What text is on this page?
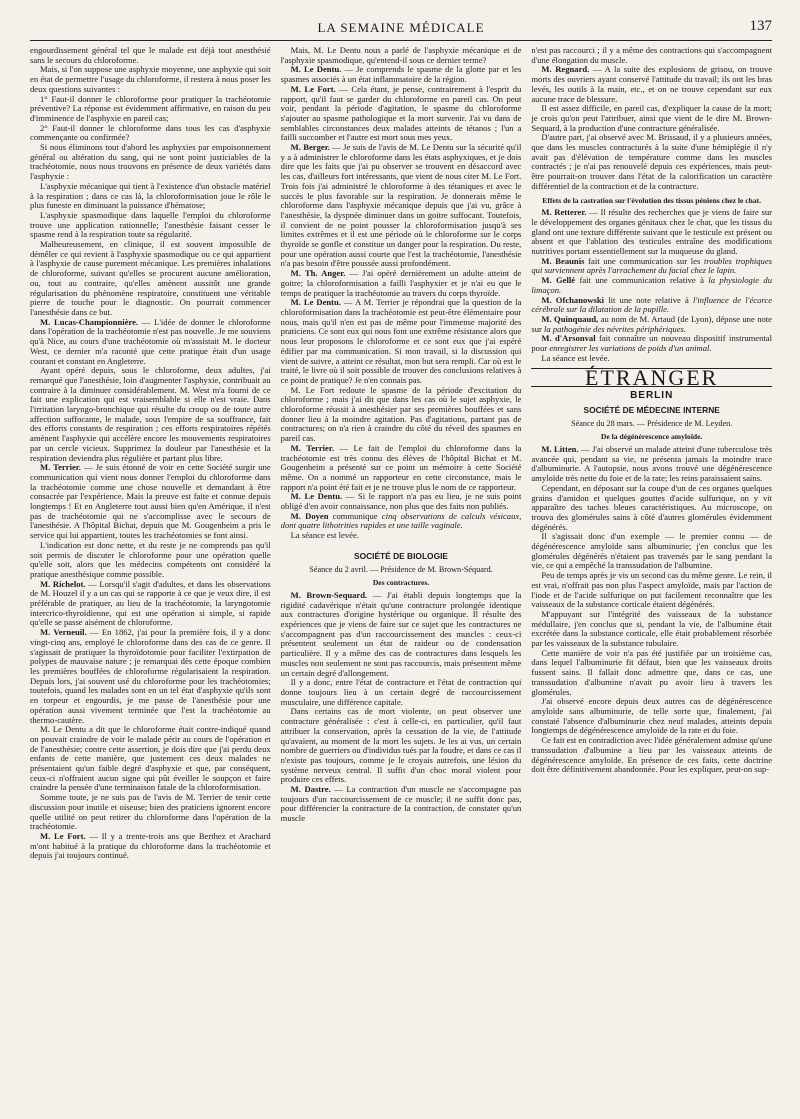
LA SEMAINE MÉDICALE	137

engourdissement général tel que le malade est déjà tout anesthésié sans le secours du chloroforme.

Mais, si l'on suppose une asphyxie moyenne, une asphyxie qui soit en état de permettre l'usage du chloroforme, il restera à nous poser les deux questions suivantes :

1° Faut-il donner le chloroforme pour pratiquer la trachéotomie préventive? La réponse est évidemment affirmative, en raison du peu d'imminence de l'asphyxie en pareil cas;

2° Faut-il donner le chloroforme dans tous les cas d'asphyxie commençante ou confirmée?

Si nous éliminons tout d'abord les asphyxies par empoisonnement général ou altération du sang, qui ne sont point justiciables de la trachéotomie, nous nous trouvons en présence de deux variétés dans l'asphyxie :

L'asphyxie mécanique qui tient à l'existence d'un obstacle matériel à la respiration ; dans ce cas là, la chloroformisation joue le rôle le plus funeste en diminuant la puissance d'hématose;

L'asphyxie spasmodique dans laquelle l'emploi du chloroforme trouve une application rationnelle; l'anesthésie faisant cesser le spasme rend à la respiration toute sa régularité.

Malheureusement, en clinique, il est souvent impossible de démêler ce qui revient à l'asphyxie spasmodique ou ce qui appartient à l'asphyxie de cause purement mécanique. Les premières inhalations de chloroforme, suivant qu'elles se procurent aucune amélioration, ou, tout au contraire, qu'elles amènent aussitôt une grande régularisation du phénomène respiratoire, constituent une véritable pierre de touche pour le diagnostic. On pourrait commencer l'anesthésie dans ce but.

M. Lucas-Championnière. — L'idée de donner le chloroforme dans l'opération de la trachéotomie n'est pas nouvelle. Je me souviens qu'à Nice, au cours d'une trachéotomie où m'assistait M. le docteur West, ce dernier m'a raconté que cette pratique était d'un usage courant et constant en Angleterre.

Ayant opéré depuis, sous le chloroforme, deux adultes, j'ai remarqué que l'anesthésie, loin d'augmenter l'asphyxie, contribuait au contraire à la diminuer considérablement. M. West m'a fourni de ce fait une explication qui est vraisemblable si elle n'est vraie. Dans l'irritation laryngo-bronchique qui résulte du croup ou de toute autre affection suffocante, le malade, sous l'empire de sa souffrance, fait des efforts constants de respiration ; ces efforts respiratoires répétés amènent l'asphyxie qui accélère encore les mouvements respiratoires par un cercle vicieux. Supprimez la douleur par l'anesthésie et la respiration deviendra plus régulière et partant plus libre.

M. Terrier. — Je suis étonné de voir en cette Société surgir une communication qui vient nous donner l'emploi du chloroforme dans la trachéotomie comme une chose nouvelle et demandant à être consacrée par l'expérience. Mais la preuve est faite et connue depuis longtemps ! Et en Angleterre tout aussi bien qu'en Amérique, il n'est pas de trachéotomie qui ne s'accomplisse avec le secours de l'anesthésie. A l'hôpital Bichat, depuis que M. Gougenheim a pris le service qui lui appartient, toutes les trachéotomies se font ainsi.

L'indication est donc nette, et du reste je ne comprends pas qu'il soit permis de discuter le chloroforme pour une opération quelle qu'elle soit, alors que les médecins compétents ont considéré la pratique anesthésique comme possible.

M. Richelot. — Lorsqu'il s'agit d'adultes, et dans les observations de M. Houzel il y a un cas qui se rapporte à ce que je veux dire, il est préférable de pratiquer, au lieu de la trachéotomie, la laryngotomie intercrico-thyroïdienne, qui est une opération si simple, si rapide qu'elle se passe aisément de chloroforme.

M. Verneuil. — En 1862, j'ai pour la première fois, il y a donc vingt-cinq ans, employé le chloroforme dans des cas de ce genre. Il s'agissait de pratiquer la thyroïdotomie pour faciliter l'extirpation de polypes de mauvaise nature ; je remarquai dès cette époque combien les premières bouffées de chloroforme régularisaient la respiration. Depuis lors, j'ai souvent usé du chloroforme pour les trachéotomies; toutefois, quand les malades sont en un tel état d'asphyxie qu'ils sont en torpeur et engourdis, je me passe de l'anesthésie pour une opération aussi vivement terminée que l'est la trachéotomie au thermo-cautère.

M. Le Dentu a dit que le chloroforme était contre-indiqué quand on pouvait craindre de voir le malade périr au cours de l'opération et de l'anesthésie; contre cette assertion, je dois dire que j'ai perdu deux enfants de cette manière, que justement ces deux malades ne présentaient qu'un faible degré d'asphyxie et que, par conséquent, ceux-ci n'offraient aucun signe qui pût éveiller le soupçon et faire craindre la pensée d'une terminaison fatale de la chloroformisation.

Somme toute, je ne suis pas de l'avis de M. Terrier de tenir cette discussion pour inutile et oiseuse; bien des praticiens ignorent encore quelle utilité on peut retirer du chloroforme dans l'opération de la trachéotomie.

M. Le Fort. — Il y a trente-trois ans que Berthez et Arachard m'ont habitué à la pratique du chloroforme dans la trachéotomie et depuis j'ai toujours continué.

Mais, M. Le Dentu nous a parlé de l'asphyxie mécanique et de l'asphyxie spasmodique, qu'entend-il sous ce dernier terme?

M. Le Dentu. — Je comprends le spasme de la glotte par et les spasmes associés à un état inflammatoire de la région.

M. Le Fort. — Cela étant, je pense, contrairement à l'esprit du rapport, qu'il faut se garder du chloroforme en pareil cas. On peut voir, pendant la période d'agitation, le spasme du chloroforme s'ajouter au spasme pathologique et la mort survenir. J'ai vu dans de semblables circonstances deux malades atteints de tétanos ; l'un a failli succomber et l'autre est mort sous mes yeux.

M. Berger. — Je suis de l'avis de M. Le Dentu sur la sécurité qu'il y a à administrer le chloroforme dans les états asphyxiques, et je dois dire que les faits que j'ai pu observer se trouvent en désaccord avec les cas, d'ailleurs fort intéressants, que vient de nous citer M. Le Fort. Trois fois j'ai administré le chloroforme à des tétaniques et avec le succès le plus favorable sur la respiration. Je donnerais même le chloroforme dans l'asphyxie mécanique depuis que j'ai vu, grâce à l'anesthésie, la dyspnée diminuer dans un goitre suffocant. Toutefois, il convient de ne point pousser la chloroformisation jusqu'à ses limites extrêmes et il est une période où le chloroforme sur le corps thyroïde se gonfle et constitue un danger pour la respiration. Du reste, pour une opération aussi courte que l'est la trachéotomie, l'anesthésie n'a pas besoin d'être poussée aussi profondément.

M. Th. Anger. — J'ai opéré dernièrement un adulte atteint de goitre; la chloroformisation a failli l'asphyxier et je n'ai eu que le temps de pratiquer la trachéotomie au travers du corps thyroïde.

M. Le Dentu. — A M. Terrier je répondrai que la question de la chloroformisation dans la trachéotomie est peut-être élémentaire pour nous, mais qu'il n'en est pas de même pour l'immense majorité des praticiens. Ce sont eux qui nous font une extrême résistance alors que nous leur proposons le chloroforme et ce sont eux que j'ai espéré édifier par ma communication. Si mon travail, si la discussion qui vient de suivre, a atteint ce résultat, mon but sera rempli. Car où est le traité, le livre où il soit possible de trouver des conclusions relatives à ce point de pratique? Je n'en connais pas.

M. Le Fort redoute le spasme de la période d'excitation du chloroforme ; mais j'ai dit que dans les cas où le sujet asphyxie, le chloroforme réussit à anesthésier par ses premières bouffées et sans donner lieu à la moindre agitation. Pas d'agitations, partant pas de contractures; on n'a rien à craindre du côté du réveil des spasmes en pareil cas.

M. Terrier. — Le fait de l'emploi du chloroforme dans la trachéotomie est très connu des élèves de l'hôpital Bichat et M. Gougenheim a présenté sur ce point un mémoire à cette Société même. On a nommé un rapporteur en cette circonstance, mais le rapport n'a point été fait et je ne trouve plus le nom de ce rapporteur.

M. Le Dentu. — Si le rapport n'a pas eu lieu, je ne suis point obligé d'en avoir connaissance, non plus que des faits non publiés.

M. Doyen communique cinq observations de calculs vésicaux, dont quatre lithotrities rapides et une taille vaginale.

La séance est levée.

SOCIÉTÉ DE BIOLOGIE
Séance du 2 avril. — Présidence de M. Brown-Séquard.
Des contractures.

M. Brown-Sequard. — J'ai établi depuis longtemps que la rigidité cadavérique n'était qu'une contracture prolongée identique aux contractures d'origine hystérique ou organique. Il résulte des expériences que je viens de faire sur ce sujet que les contractures ne s'accompagnent pas d'un raccourcissement des muscles : ceux-ci présentent seulement un état de raideur ou de condensation particulière. Il y a même des cas de contractures dans lesquels les muscles non seulement ne sont pas raccourcis, mais présentent même un certain degré d'allongement.

Il y a donc, entre l'état de contracture et l'état de contraction qui donne toujours lieu à un certain degré de raccourcissement musculaire, une différence capitale.

Dans certains cas de mort violente, on peut observer une contracture généralisée : c'est à celle-ci, en particulier, qu'il faut attribuer la conservation, après la cessation de la vie, de l'attitude qu'avaient, au moment de la mort les sujets. Je les ai vus, un certain nombre de guerriers ou d'individus tués par la foudre, et dans ce cas il n'existe pas toujours, comme je le croyais autrefois, une lésion du système nerveux central. Il suffit d'un choc moral violent pour produire ces effets.

M. Dastre. — La contraction d'un muscle ne s'accompagne pas toujours d'un raccourcissement de ce muscle; il ne suffit donc pas, pour différencier la contracture de la contraction, de constater qu'un muscle

n'est pas raccourci ; il y a même des contractions qui s'accompagnent d'une élongation du muscle.

M. Regnard. — A la suite des explosions de grisou, on trouve morts des ouvriers ayant conservé l'attitude du travail; ils ont les bras levés, les outils à la main, etc., et on ne trouve cependant sur eux aucune trace de blessure.

Il est assez difficile, en pareil cas, d'expliquer la cause de la mort; je crois qu'on peut l'attribuer, ainsi que vient de le dire M. Brown-Sequard, à la production d'une contracture généralisée.

D'autre part, j'ai observé avec M. Brissaud, il y a plusieurs années, que dans les muscles contracturés à la suite d'une hémiplégie il n'y avait pas d'élévation de température comme dans les muscles contractés ; je n'ai pas renouvelé depuis ces expériences, mais peut-être pourrait-on trouver dans l'état de la calorification un caractère différentiel de la contraction et de la contracture.

Effets de la castration sur l'évolution des tissus péniens chez le chat.

M. Retterer. — Il résulte des recherches que je viens de faire sur le développement des organes génitaux chez le chat, que les tissus du gland ont une texture différente suivant que le testicule est présent ou absent et que l'ablation des testicules entraîne des modifications nutritives portant essentiellement sur la muqueuse du gland.

M. Beaunis fait une communication sur les troubles trophiques qui surviennent après l'arrachement du facial chez le lapin.

M. Gellé fait une communication relative à la physiologie du limaçon.

M. Ofchanowski lit une note relative à l'influence de l'écorce cérébrale sur la dilatation de la pupille.

M. Quinquaud, au nom de M. Artaud (de Lyon), dépose une note sur la pathogénie des névrites périphériques.

M. d'Arsonval fait connaître un nouveau dispositif instrumental pour enregistrer les variations de poids d'un animal.

La séance est levée.

ÉTRANGER
BERLIN
SOCIÉTÉ DE MÉDECINE INTERNE
Séance du 28 mars. — Présidence de M. Leyden.
De la dégénérescence amyloïde.

M. Litten. — J'ai observé un malade atteint d'une tuberculose très avancée qui, pendant sa vie, ne présenta jamais la moindre trace d'albuminurie. A l'autopsie, nous avons trouvé une dégénérescence amyloïde très nette du foie et de la rate; les reins paraissaient sains.

Cependant, en déposant sur la coupe d'un de ces organes quelques grains d'amidon et quelques gouttes d'acide sulfurique, on y vit apparaître des taches bleues caractéristiques. Au microscope, on trouva des glomérules sains à côté d'autres glomérules évidemment dégénérés.

Il s'agissait donc d'un exemple — le premier connu — de dégénérescence amyloïde sans albuminurie; j'en conclus que les glomérules dégénérés n'étaient pas traversés par le sang pendant la vie, ce qui a empêché la transsudation de l'albumine.

Peu de temps après je vis un second cas du même genre. Le rein, il est vrai, n'offrait pas non plus l'aspect amyloïde, mais par l'action de l'iode et de l'acide sulfurique on put facilement reconnaître que les vaisseaux de la substance corticale étaient dégénérés.

M'appuyant sur l'intégrité des vaisseaux de la substance médullaire, j'en conclus que si, pendant la vie, de l'albumine était excrétée dans la substance corticale, elle était probablement résorbée par les vaisseaux de la substance tubulaire.

Cette manière de voir n'a pas été justifiée par un troisième cas, dans lequel l'albuminurie fit défaut, bien que les vaisseaux droits fussent sains. Il fallait donc admettre que, dans ce cas, une transsudation d'albumine n'avait pu avoir lieu à travers les glomérules.

J'ai observé encore depuis deux autres cas de dégénérescence amyloïde sans albuminurie, de telle sorte que, finalement, j'ai constaté l'absence d'albuminurie chez neuf malades, atteints depuis longtemps de dégénérescence amyloïde de la rate et du foie.

Ce fait est en contradiction avec l'idée généralement admise qu'une transsudation d'albumine a lieu par les vaisseaux atteints de dégénérescence amyloïde. En présence de ces faits, cette doctrine doit être définitivement abandonnée. Pour les expliquer, peut-on sup-
